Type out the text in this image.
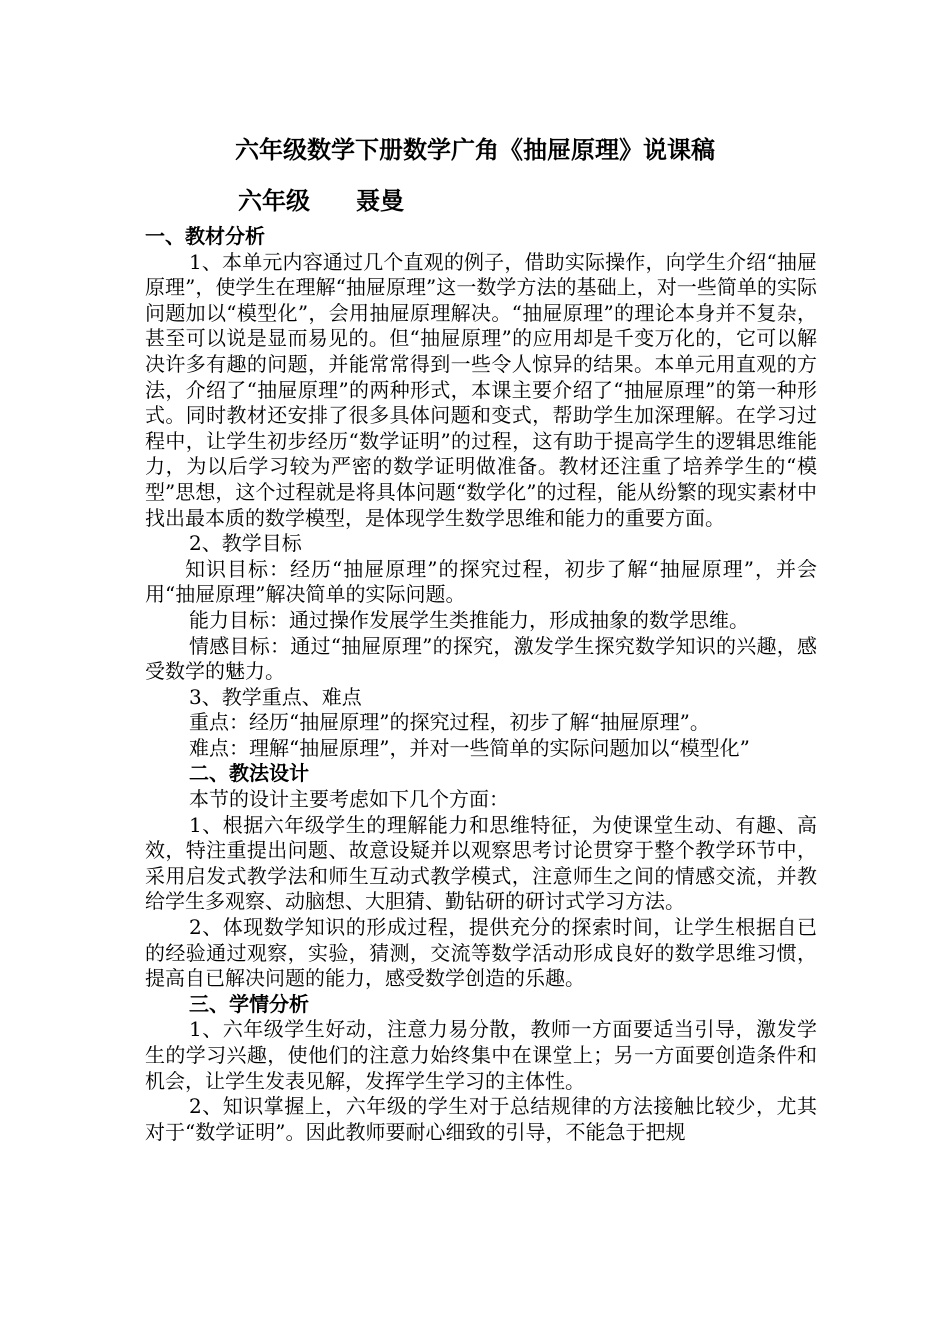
六年级数学下册数学广角《抽屉原理》说课稿
六年级 聂曼

一、教材分析

1、本单元内容通过几个直观的例子，借助实际操作，向学生介绍“抽屉原理”，使学生在理解“抽屉原理”这一数学方法的基础上，对一些简单的实际问题加以“模型化”，会用抽屉原理解决。“抽屉原理”的理论本身并不复杂，甚至可以说是显而易见的。但“抽屉原理”的应用却是千变万化的，它可以解决许多有趣的问题，并能常常得到一些令人惊异的结果。本单元用直观的方法，介绍了“抽屉原理”的两种形式，本课主要介绍了“抽屉原理”的第一种形式。同时教材还安排了很多具体问题和变式，帮助学生加深理解。在学习过程中，让学生初步经历“数学证明”的过程，这有助于提高学生的逻辑思维能力，为以后学习较为严密的数学证明做准备。教材还注重了培养学生的“模型”思想，这个过程就是将具体问题“数学化”的过程，能从纷繁的现实素材中找出最本质的数学模型，是体现学生数学思维和能力的重要方面。

2、教学目标

知识目标：经历“抽屉原理”的探究过程，初步了解“抽屉原理”，并会用“抽屉原理”解决简单的实际问题。

能力目标：通过操作发展学生类推能力，形成抽象的数学思维。

情感目标：通过“抽屉原理”的探究，激发学生探究数学知识的兴趣，感受数学的魅力。

3、教学重点、难点

重点：经历“抽屉原理”的探究过程，初步了解“抽屉原理”。

难点：理解“抽屉原理”，并对一些简单的实际问题加以“模型化”

二、教法设计

本节的设计主要考虑如下几个方面：

1、根据六年级学生的理解能力和思维特征，为使课堂生动、有趣、高效，特注重提出问题、故意设疑并以观察思考讨论贯穿于整个教学环节中，采用启发式教学法和师生互动式教学模式，注意师生之间的情感交流，并教给学生多观察、动脑想、大胆猜、勤钻研的研讨式学习方法。

2、体现数学知识的形成过程，提供充分的探索时间，让学生根据自已的经验通过观察，实验，猜测，交流等数学活动形成良好的数学思维习惯，提高自已解决问题的能力，感受数学创造的乐趣。

三、学情分析

1、六年级学生好动，注意力易分散，教师一方面要适当引导，激发学生的学习兴趣，使他们的注意力始终集中在课堂上；另一方面要创造条件和机会，让学生发表见解，发挥学生学习的主体性。

2、知识掌握上，六年级的学生对于总结规律的方法接触比较少，尤其对于“数学证明”。因此教师要耐心细致的引导，不能急于把规
